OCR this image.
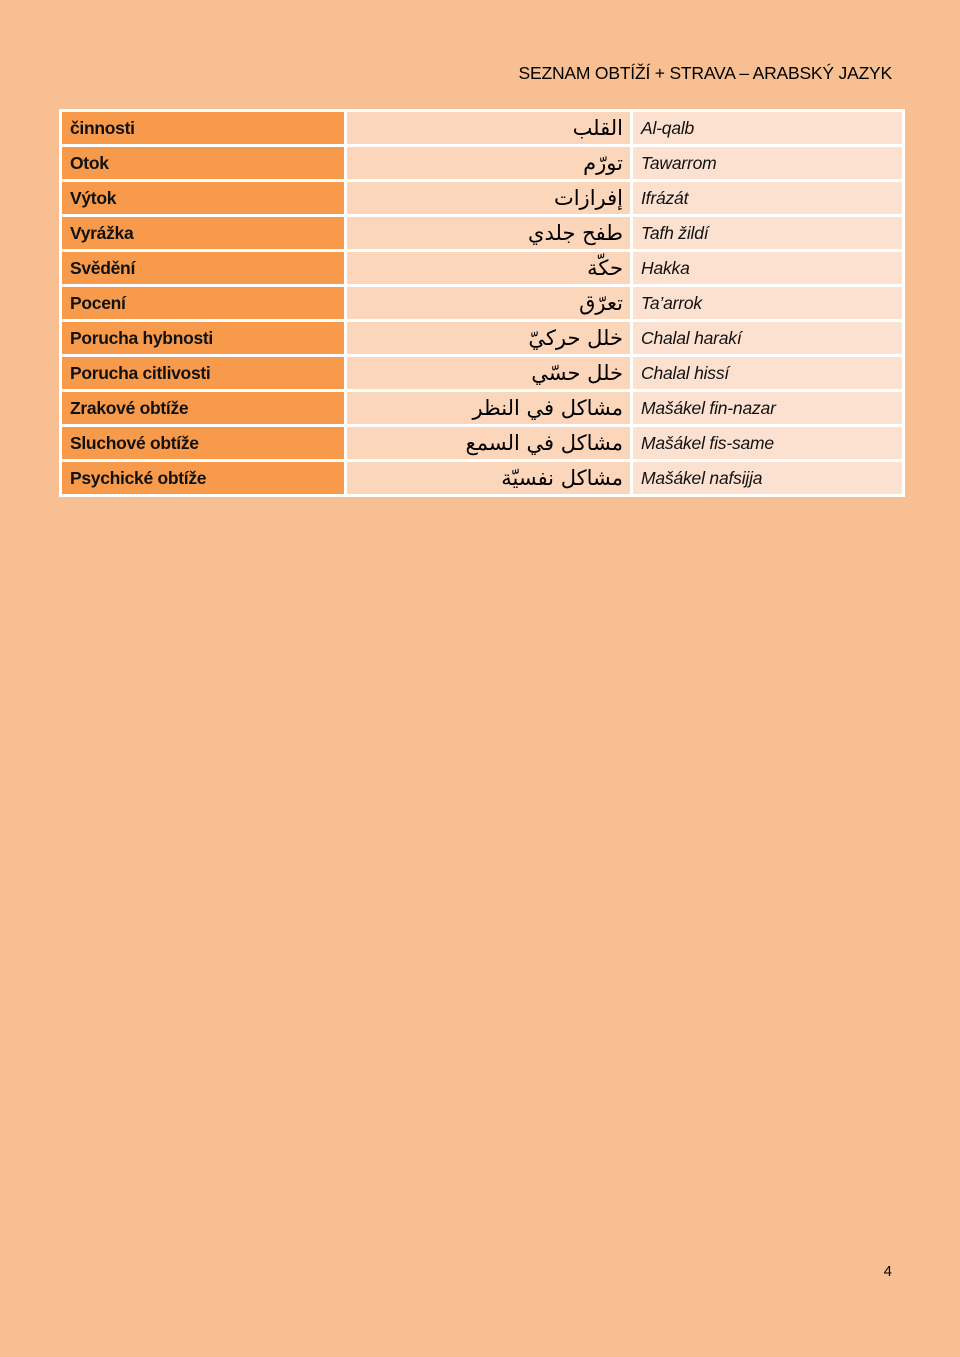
SEZNAM OBTÍŽÍ + STRAVA – ARABSKÝ JAZYK
činnosti	القلب	Al-qalb
Otok	تورّم	Tawarrom
Výtok	إفرازات	Ifrázát
Vyrážka	طفح جلدي	Tafh žildí
Svědění	حكّة	Hakka
Pocení	تعرّق	Ta’arrok
Porucha hybnosti	خلل حركيّ	Chalal harakí
Porucha citlivosti	خلل حسّي	Chalal hissí
Zrakové obtíže	مشاكل في النظر	Mašákel fin-nazar
Sluchové obtíže	مشاكل في السمع	Mašákel fis-same
Psychické obtíže	مشاكل نفسيّة	Mašákel nafsijja
4
